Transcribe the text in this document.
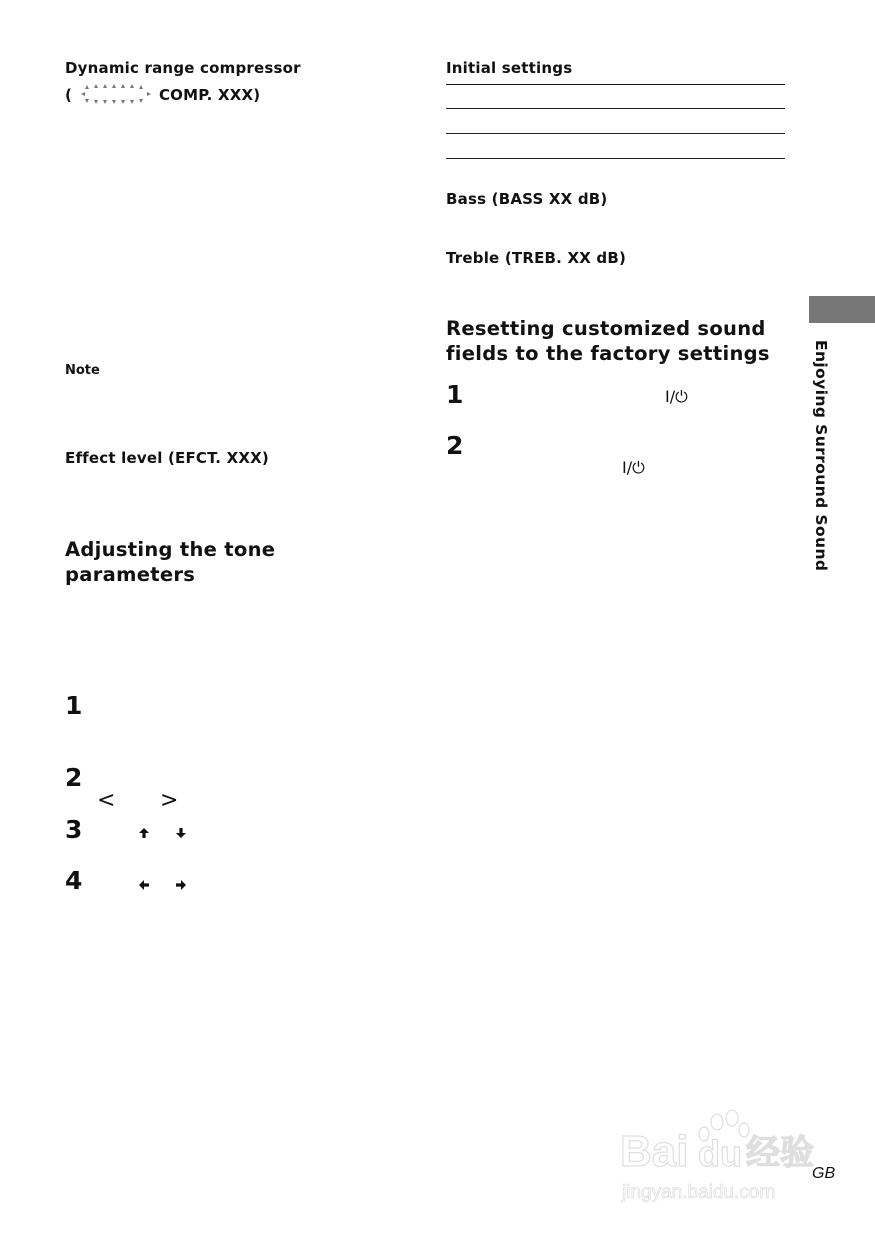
Dynamic range compressor
(	COMP. XXX)
Note
Effect level (EFCT. XXX)
Adjusting the tone
parameters
1
2
< >
3
4
Initial settings
Bass (BASS XX dB)
Treble (TREB. XX dB)
Resetting customized sound
fields to the factory settings
1	I/⏻
2
I/⏻	Enjoying Surround Sound
Bai du 经验
jingyan.baidu.com
GB
